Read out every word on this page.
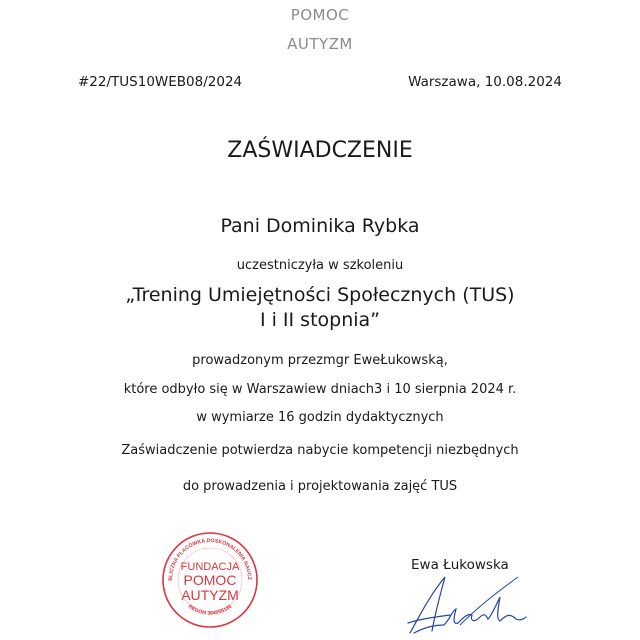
POMOC
AUTYZM
#22/TUS10WEB08/2024	Warszawa, 10.08.2024
ZAŚWIADCZENIE
Pani Dominika Rybka
uczestniczyła w szkoleniu
„Trening Umiejętności Społecznych (TUS)
I i II stopnia”
prowadzonym przezmgr EweŁukowską,
które odbyło się w Warszawiew dniach3 i 10 sierpnia 2024 r.
w wymiarze 16 godzin dydaktycznych
Zaświadczenie potwierdza nabycie kompetencji niezbędnych
do prowadzenia i projektowania zajęć TUS
BLICZNA PLACÓWKA DOSKONALENIA NAUCZ
REGON 364055186
FUNDACJA
POMOC
AUTYZM
Ewa Łukowska
